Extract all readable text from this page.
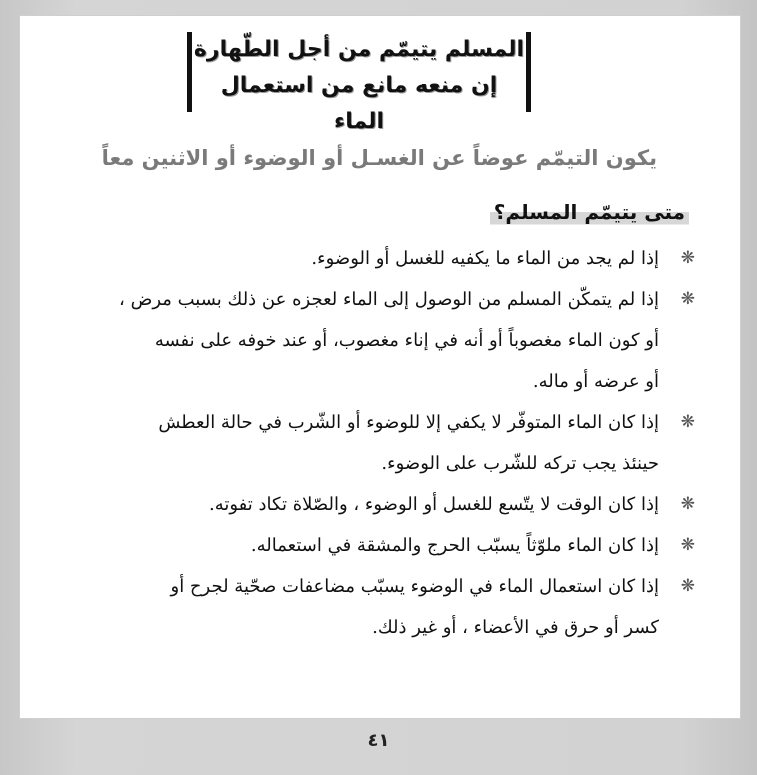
المسلم يتيمّم من أجل الطّهارة
إن منعه مانع من استعمال الماء
يكون التيمّم عوضاً عن الغسـل أو الوضوء أو الاثنين معاً
متى يتيمّم المسلم؟
❋
إذا لم يجد من الماء ما يكفيه للغسل أو الوضوء.
❋
إذا لم يتمكّن المسلم من الوصول إلى الماء لعجزه عن ذلك بسبب مرض ،
أو كون الماء مغصوباً أو أنه في إناء مغصوب، أو عند خوفه على نفسه
أو عرضه أو ماله.
❋
إذا كان الماء المتوفّر لا يكفي إلا للوضوء أو الشّرب في حالة العطش
حينئذ يجب تركه للشّرب على الوضوء.
❋
إذا كان الوقت لا يتّسع للغسل أو الوضوء ، والصّلاة تكاد تفوته.
❋
إذا كان الماء ملوّثاً يسبّب الحرج والمشقة في استعماله.
❋
إذا كان استعمال الماء في الوضوء يسبّب مضاعفات صحّية لجرح أو
كسر أو حرق في الأعضاء ، أو غير ذلك.
٤١
